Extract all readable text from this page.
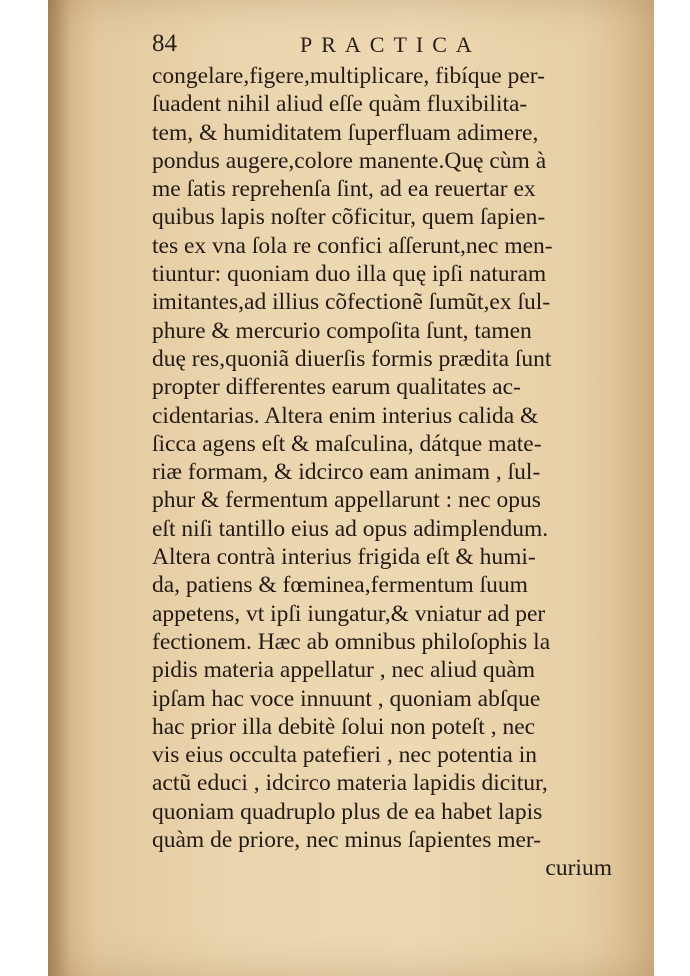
84	PRACTICA
congelare,figere,multiplicare, fibíque per-
ſuadent nihil aliud eſſe quàm fluxibilita-
tem, & humiditatem ſuperfluam adimere,
pondus augere,colore manente.Quę cùm à
me ſatis reprehenſa ſint, ad ea reuertar ex
quibus lapis noſter cõficitur, quem ſapien-
tes ex vna ſola re confici aſſerunt,nec men-
tiuntur: quoniam duo illa quę ipſi naturam
imitantes,ad illius cõfectionẽ ſumũt,ex ſul-
phure & mercurio compoſita ſunt, tamen
duę res,quoniã diuerſis formis prædita ſunt
propter differentes earum qualitates ac-
cidentarias. Altera enim interius calida &
ſicca agens eſt & maſculina, dátque mate-
riæ formam, & idcirco eam animam , ſul-
phur & fermentum appellarunt : nec opus
eſt niſi tantillo eius ad opus adimplendum.
Altera contrà interius frigida eſt & humi-
da, patiens & fœminea,fermentum ſuum
appetens, vt ipſi iungatur,& vniatur ad per
fectionem. Hæc ab omnibus philoſophis la
pidis materia appellatur , nec aliud quàm
ipſam hac voce innuunt , quoniam abſque
hac prior illa debitè ſolui non poteſt , nec
vis eius occulta patefieri , nec potentia in
actũ educi , idcirco materia lapidis dicitur,
quoniam quadruplo plus de ea habet lapis
quàm de priore, nec minus ſapientes mer-
curium
